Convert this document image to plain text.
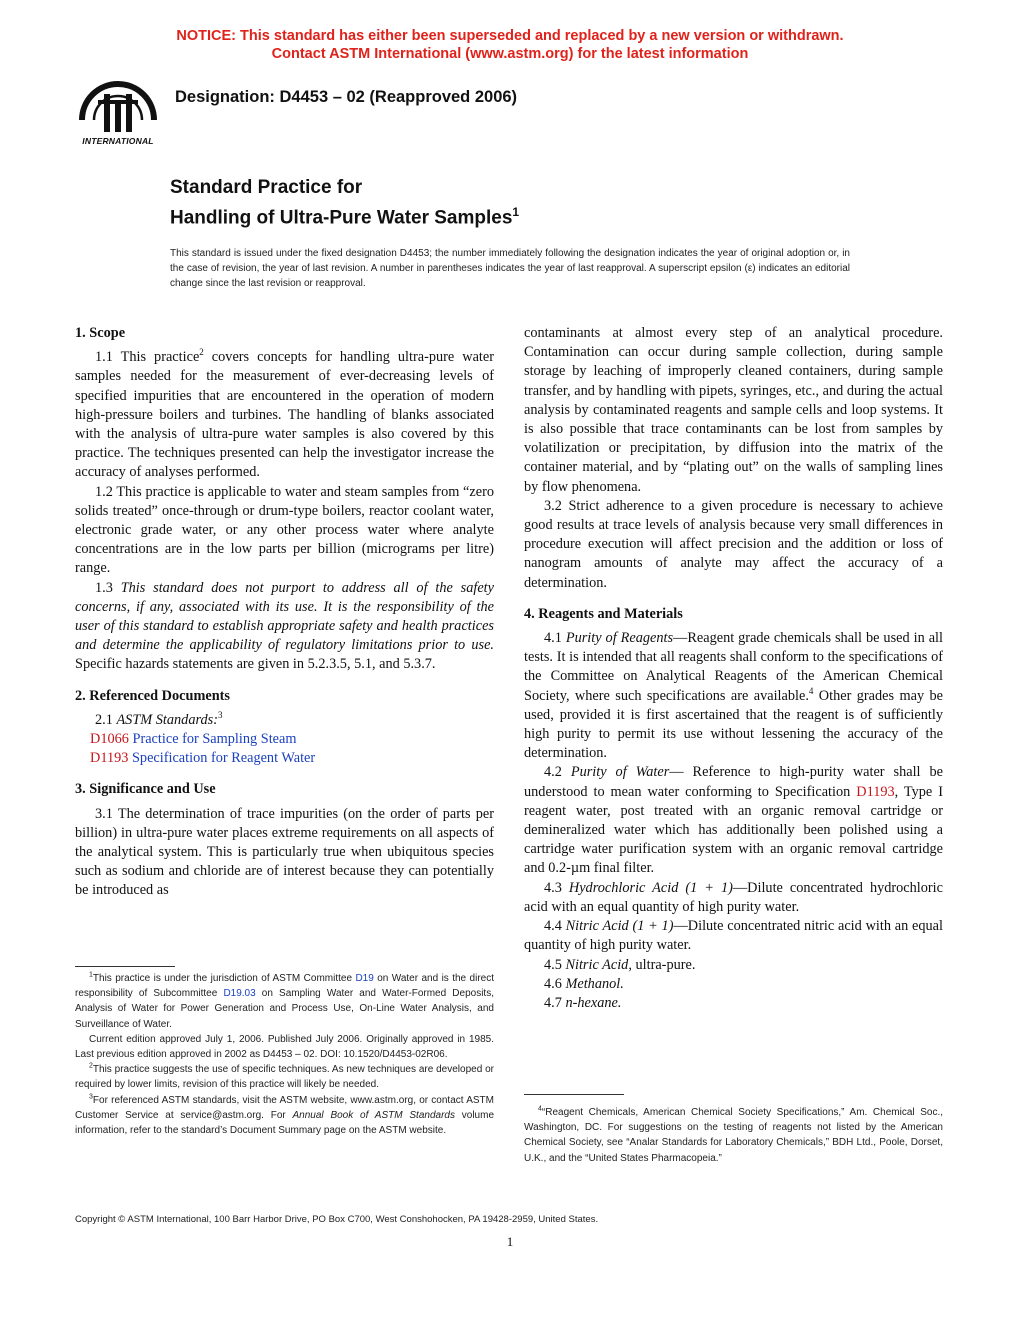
NOTICE: This standard has either been superseded and replaced by a new version or withdrawn.
Contact ASTM International (www.astm.org) for the latest information
INTERNATIONAL
Designation: D4453 – 02 (Reapproved 2006)
Standard Practice for
Handling of Ultra-Pure Water Samples$^1$
This standard is issued under the fixed designation D4453; the number immediately following the designation indicates the year of original adoption or, in the case of revision, the year of last revision. A number in parentheses indicates the year of last reapproval. A superscript epsilon (ε) indicates an editorial change since the last revision or reapproval.
1. Scope

1.1 This practice$^2$ covers concepts for handling ultra-pure water samples needed for the measurement of ever-decreasing levels of specified impurities that are encountered in the operation of modern high-pressure boilers and turbines. The handling of blanks associated with the analysis of ultra-pure water samples is also covered by this practice. The techniques presented can help the investigator increase the accuracy of analyses performed.

1.2 This practice is applicable to water and steam samples from “zero solids treated” once-through or drum-type boilers, reactor coolant water, electronic grade water, or any other process water where analyte concentrations are in the low parts per billion (micrograms per litre) range.

1.3 This standard does not purport to address all of the safety concerns, if any, associated with its use. It is the responsibility of the user of this standard to establish appropriate safety and health practices and determine the applicability of regulatory limitations prior to use. Specific hazards statements are given in 5.2.3.5, 5.1, and 5.3.7.

2. Referenced Documents

2.1 ASTM Standards:$^3$

D1066 Practice for Sampling Steam
D1193 Specification for Reagent Water
3. Significance and Use

3.1 The determination of trace impurities (on the order of parts per billion) in ultra-pure water places extreme requirements on all aspects of the analytical system. This is particularly true when ubiquitous species such as sodium and chloride are of interest because they can potentially be introduced as

$^1$This practice is under the jurisdiction of ASTM Committee D19 on Water and is the direct responsibility of Subcommittee D19.03 on Sampling Water and Water-Formed Deposits, Analysis of Water for Power Generation and Process Use, On-Line Water Analysis, and Surveillance of Water.

Current edition approved July 1, 2006. Published July 2006. Originally approved in 1985. Last previous edition approved in 2002 as D4453 – 02. DOI: 10.1520/D4453-02R06.

$^2$This practice suggests the use of specific techniques. As new techniques are developed or required by lower limits, revision of this practice will likely be needed.

$^3$For referenced ASTM standards, visit the ASTM website, www.astm.org, or contact ASTM Customer Service at service@astm.org. For Annual Book of ASTM Standards volume information, refer to the standard’s Document Summary page on the ASTM website.

contaminants at almost every step of an analytical procedure. Contamination can occur during sample collection, during sample storage by leaching of improperly cleaned containers, during sample transfer, and by handling with pipets, syringes, etc., and during the actual analysis by contaminated reagents and sample cells and loop systems. It is also possible that trace contaminants can be lost from samples by volatilization or precipitation, by diffusion into the matrix of the container material, and by “plating out” on the walls of sampling lines by flow phenomena.

3.2 Strict adherence to a given procedure is necessary to achieve good results at trace levels of analysis because very small differences in procedure execution will affect precision and the addition or loss of nanogram amounts of analyte may affect the accuracy of a determination.

4. Reagents and Materials

4.1 Purity of Reagents—Reagent grade chemicals shall be used in all tests. It is intended that all reagents shall conform to the specifications of the Committee on Analytical Reagents of the American Chemical Society, where such specifications are available.$^4$ Other grades may be used, provided it is first ascertained that the reagent is of sufficiently high purity to permit its use without lessening the accuracy of the determination.

4.2 Purity of Water— Reference to high-purity water shall be understood to mean water conforming to Specification D1193, Type I reagent water, post treated with an organic removal cartridge or demineralized water which has additionally been polished using a cartridge water purification system with an organic removal cartridge and 0.2-µm final filter.

4.3 Hydrochloric Acid (1 + 1)—Dilute concentrated hydrochloric acid with an equal quantity of high purity water.

4.4 Nitric Acid (1 + 1)—Dilute concentrated nitric acid with an equal quantity of high purity water.

4.5 Nitric Acid, ultra-pure.

4.6 Methanol.

4.7 n-hexane.

$^4$“Reagent Chemicals, American Chemical Society Specifications,” Am. Chemical Soc., Washington, DC. For suggestions on the testing of reagents not listed by the American Chemical Society, see “Analar Standards for Laboratory Chemicals,” BDH Ltd., Poole, Dorset, U.K., and the “United States Pharmacopeia.”

Copyright © ASTM International, 100 Barr Harbor Drive, PO Box C700, West Conshohocken, PA 19428-2959, United States.
1
